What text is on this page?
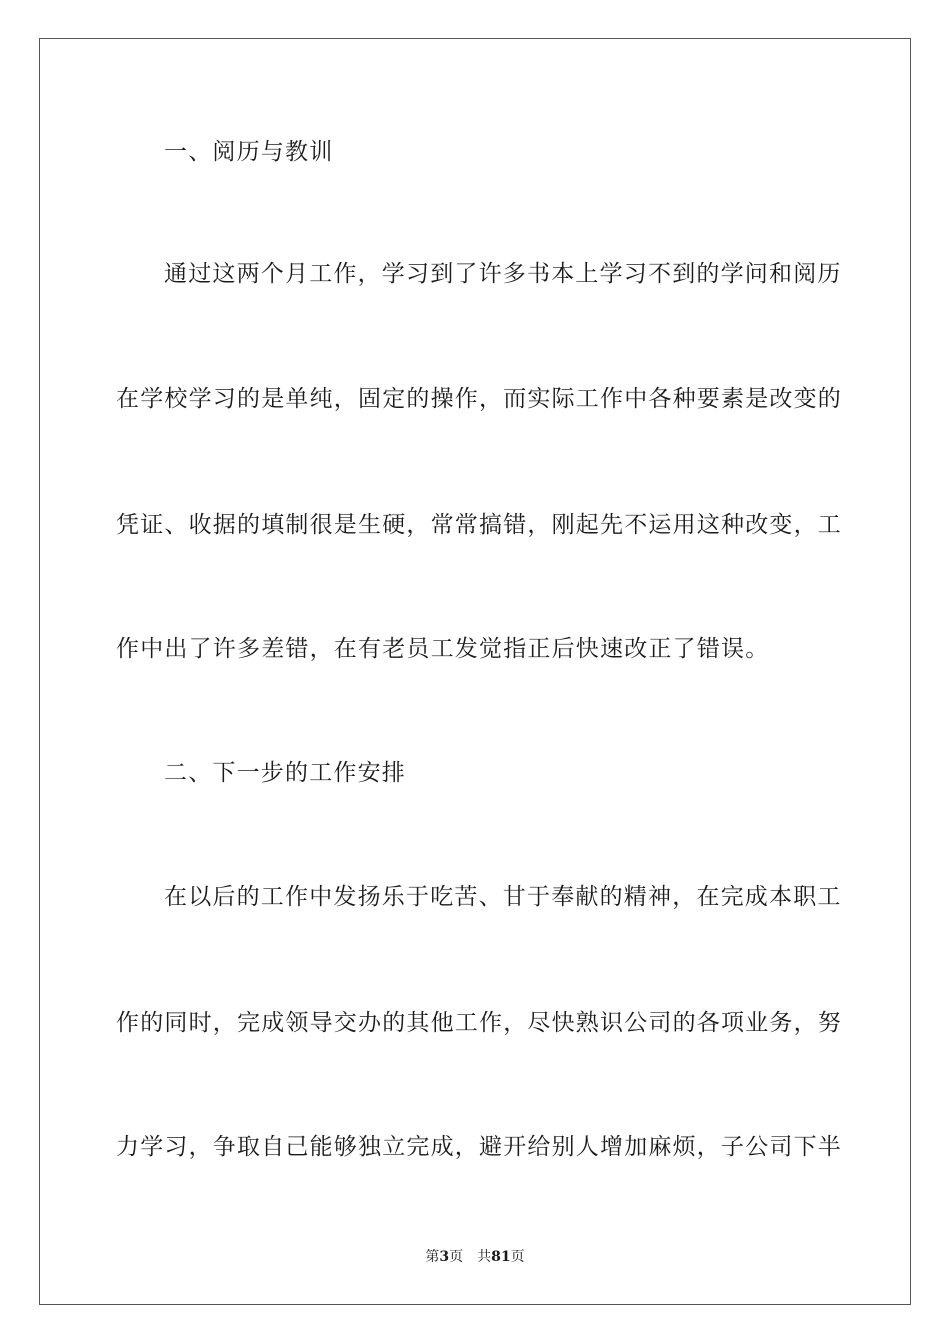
一、阅历与教训
通过这两个月工作，学习到了许多书本上学习不到的学问和阅历
在学校学习的是单纯，固定的操作，而实际工作中各种要素是改变的
凭证、收据的填制很是生硬，常常搞错，刚起先不运用这种改变，工
作中出了许多差错，在有老员工发觉指正后快速改正了错误。
二、下一步的工作安排
在以后的工作中发扬乐于吃苦、甘于奉献的精神，在完成本职工
作的同时，完成领导交办的其他工作，尽快熟识公司的各项业务，努
力学习，争取自己能够独立完成，避开给别人增加麻烦，子公司下半
第3页 共81页
